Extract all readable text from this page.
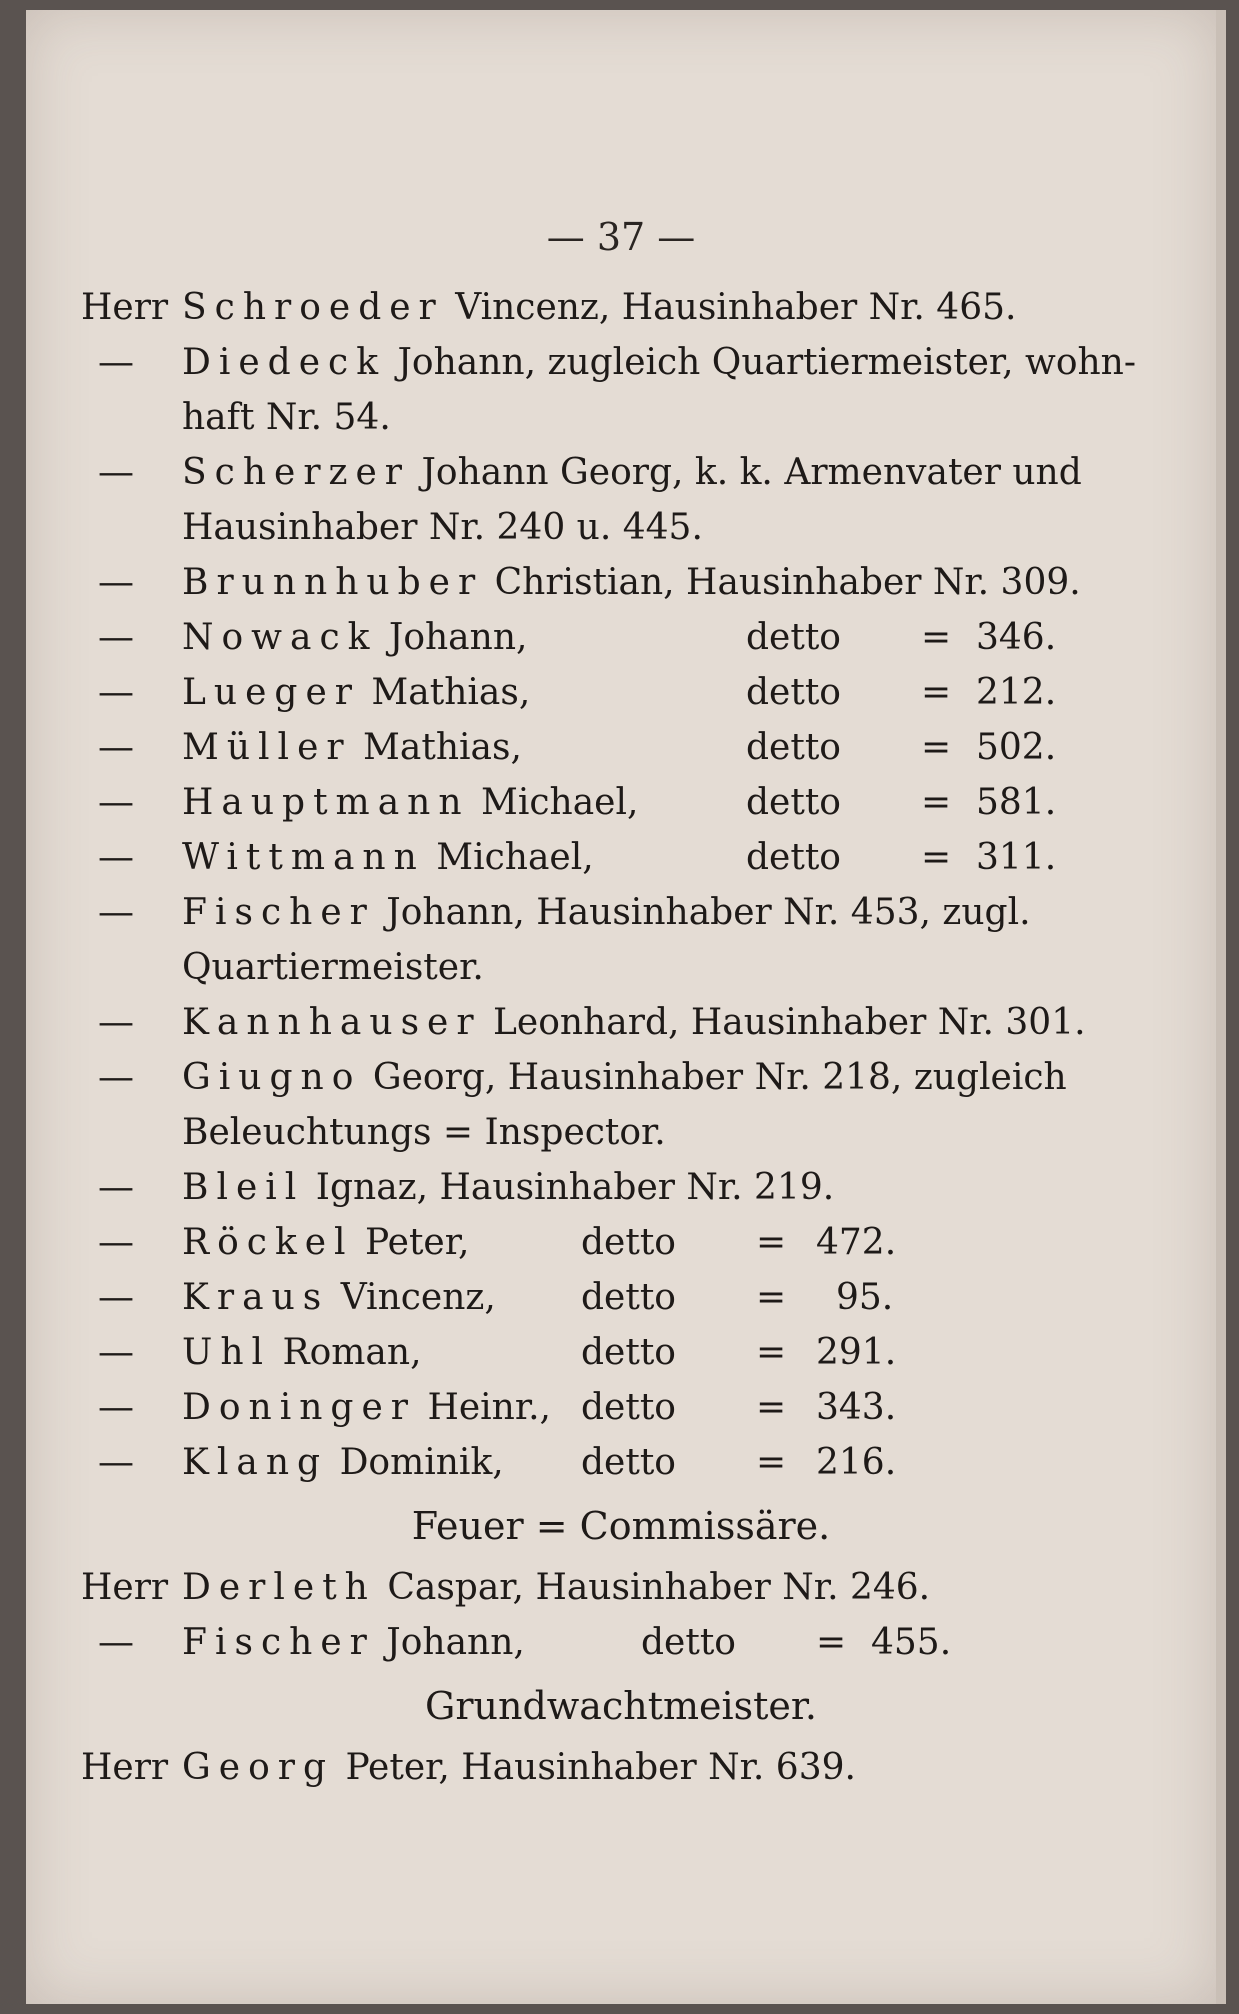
— 37 —
Herr Schroeder Vincenz, Hausinhaber Nr. 465.
— Diedeck Johann, zugleich Quartiermeister, wohn-
haft Nr. 54.
— Scherzer Johann Georg, k. k. Armenvater und
Hausinhaber Nr. 240 u. 445.
— Brunnhuber Christian, Hausinhaber Nr. 309.
— Nowack Johann,	detto = 346.
— Lueger Mathias,	detto = 212.
— Müller Mathias,	detto = 502.
— Hauptmann Michael,	detto = 581.
— Wittmann Michael,	detto = 311.
— Fischer Johann, Hausinhaber Nr. 453, zugl.
Quartiermeister.
— Kannhauser Leonhard, Hausinhaber Nr. 301.
— Giugno Georg, Hausinhaber Nr. 218, zugleich
Beleuchtungs = Inspector.
— Bleil Ignaz, Hausinhaber Nr. 219.
— Röckel Peter,	detto = 472.
— Kraus Vincenz, detto = 95.
— Uhl Roman,	detto = 291.
— Doninger Heinr., detto = 343.
— Klang Dominik, detto = 216.
Feuer = Commissäre.
Herr Derleth Caspar, Hausinhaber Nr. 246.
— Fischer Johann,	detto = 455.
Grundwachtmeister.
Herr Georg Peter, Hausinhaber Nr. 639.
